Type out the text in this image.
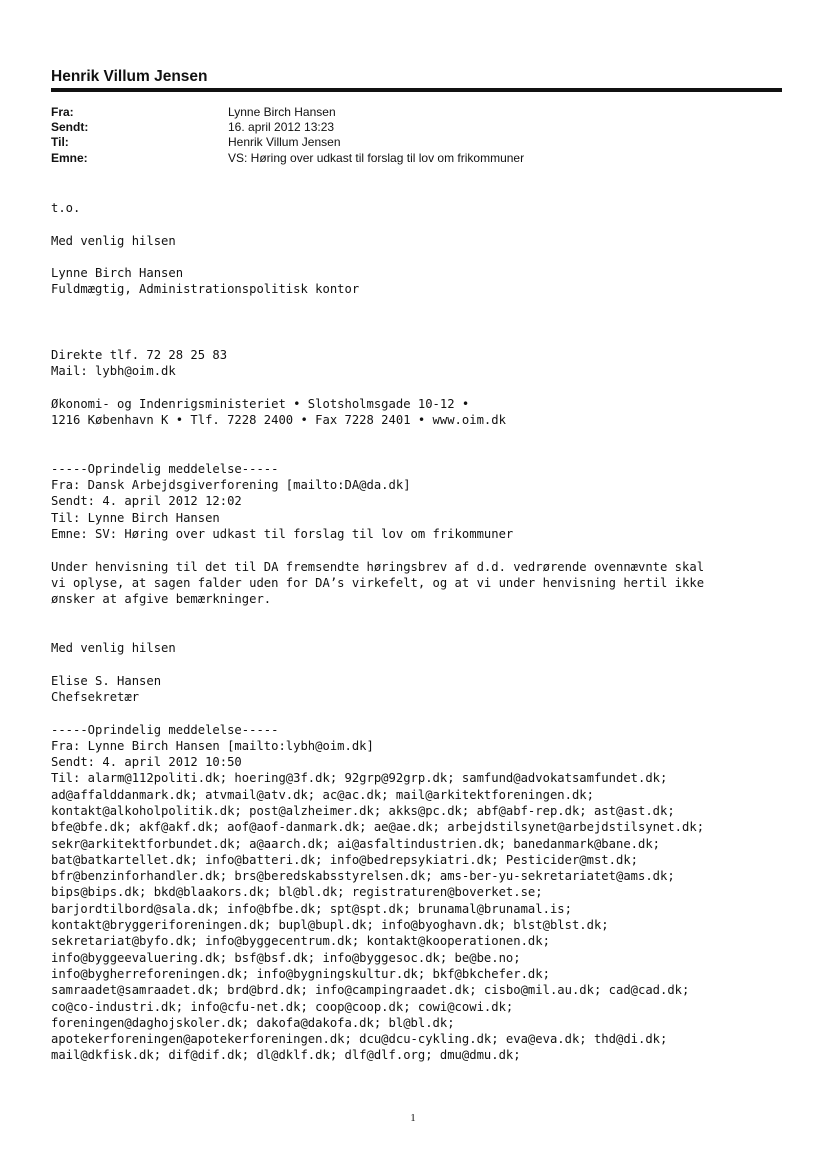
Henrik Villum Jensen
Fra:	Lynne Birch Hansen
Sendt:	16. april 2012 13:23
Til:	Henrik Villum Jensen
Emne:	VS: Høring over udkast til forslag til lov om frikommuner
t.o.
Med venlig hilsen
Lynne Birch Hansen
Fuldmægtig, Administrationspolitisk kontor
Direkte tlf. 72 28 25 83
Mail: lybh@oim.dk
Økonomi- og Indenrigsministeriet • Slotsholmsgade 10-12 •
1216 København K • Tlf. 7228 2400 • Fax 7228 2401 • www.oim.dk
-----Oprindelig meddelelse-----
Fra: Dansk Arbejdsgiverforening [mailto:DA@da.dk]
Sendt: 4. april 2012 12:02
Til: Lynne Birch Hansen
Emne: SV: Høring over udkast til forslag til lov om frikommuner
Under henvisning til det til DA fremsendte høringsbrev af d.d. vedrørende ovennævnte skal
vi oplyse, at sagen falder uden for DA’s virkefelt, og at vi under henvisning hertil ikke
ønsker at afgive bemærkninger.
Med venlig hilsen
Elise S. Hansen
Chefsekretær
-----Oprindelig meddelelse-----
Fra: Lynne Birch Hansen [mailto:lybh@oim.dk]
Sendt: 4. april 2012 10:50
Til: alarm@112politi.dk; hoering@3f.dk; 92grp@92grp.dk; samfund@advokatsamfundet.dk;
ad@affalddanmark.dk; atvmail@atv.dk; ac@ac.dk; mail@arkitektforeningen.dk;
kontakt@alkoholpolitik.dk; post@alzheimer.dk; akks@pc.dk; abf@abf-rep.dk; ast@ast.dk;
bfe@bfe.dk; akf@akf.dk; aof@aof-danmark.dk; ae@ae.dk; arbejdstilsynet@arbejdstilsynet.dk;
sekr@arkitektforbundet.dk; a@aarch.dk; ai@asfaltindustrien.dk; banedanmark@bane.dk;
bat@batkartellet.dk; info@batteri.dk; info@bedrepsykiatri.dk; Pesticider@mst.dk;
bfr@benzinforhandler.dk; brs@beredskabsstyrelsen.dk; ams-ber-yu-sekretariatet@ams.dk;
bips@bips.dk; bkd@blaakors.dk; bl@bl.dk; registraturen@boverket.se;
barjordtilbord@sala.dk; info@bfbe.dk; spt@spt.dk; brunamal@brunamal.is;
kontakt@bryggeriforeningen.dk; bupl@bupl.dk; info@byoghavn.dk; blst@blst.dk;
sekretariat@byfo.dk; info@byggecentrum.dk; kontakt@kooperationen.dk;
info@byggeevaluering.dk; bsf@bsf.dk; info@byggesoc.dk; be@be.no;
info@bygherreforeningen.dk; info@bygningskultur.dk; bkf@bkchefer.dk;
samraadet@samraadet.dk; brd@brd.dk; info@campingraadet.dk; cisbo@mil.au.dk; cad@cad.dk;
co@co-industri.dk; info@cfu-net.dk; coop@coop.dk; cowi@cowi.dk;
foreningen@daghojskoler.dk; dakofa@dakofa.dk; bl@bl.dk;
apotekerforeningen@apotekerforeningen.dk; dcu@dcu-cykling.dk; eva@eva.dk; thd@di.dk;
mail@dkfisk.dk; dif@dif.dk; dl@dklf.dk; dlf@dlf.org; dmu@dmu.dk;
1
